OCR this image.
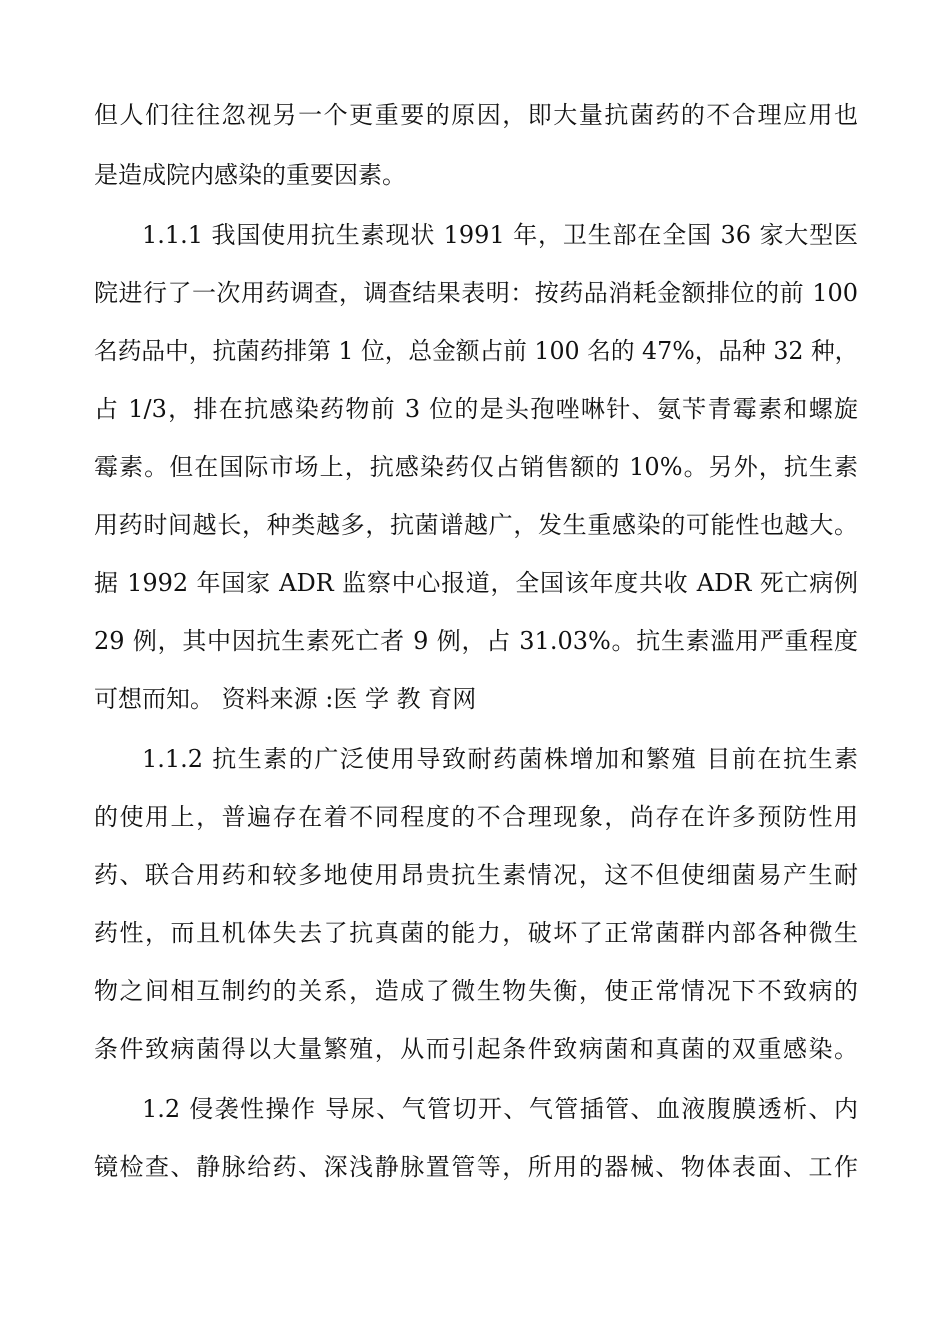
但人们往往忽视另一个更重要的原因，即大量抗菌药的不合理应用也
是造成院内感染的重要因素。
1.1.1 我国使用抗生素现状 1991 年，卫生部在全国 36 家大型医
院进行了一次用药调查，调查结果表明：按药品消耗金额排位的前 100
名药品中，抗菌药排第 1 位，总金额占前 100 名的 47%，品种 32 种，
占 1/3，排在抗感染药物前 3 位的是头孢唑啉针、氨苄青霉素和螺旋
霉素。但在国际市场上，抗感染药仅占销售额的 10%。另外，抗生素
用药时间越长，种类越多，抗菌谱越广，发生重感染的可能性也越大。
据 1992 年国家 ADR 监察中心报道，全国该年度共收 ADR 死亡病例
29 例，其中因抗生素死亡者 9 例，占 31.03%。抗生素滥用严重程度
可想而知。 资料来源 :医 学 教 育网
1.1.2 抗生素的广泛使用导致耐药菌株增加和繁殖 目前在抗生素
的使用上，普遍存在着不同程度的不合理现象，尚存在许多预防性用
药、联合用药和较多地使用昂贵抗生素情况，这不但使细菌易产生耐
药性，而且机体失去了抗真菌的能力，破坏了正常菌群内部各种微生
物之间相互制约的关系，造成了微生物失衡，使正常情况下不致病的
条件致病菌得以大量繁殖，从而引起条件致病菌和真菌的双重感染。
1.2 侵袭性操作 导尿、气管切开、气管插管、血液腹膜透析、内
镜检查、静脉给药、深浅静脉置管等，所用的器械、物体表面、工作
